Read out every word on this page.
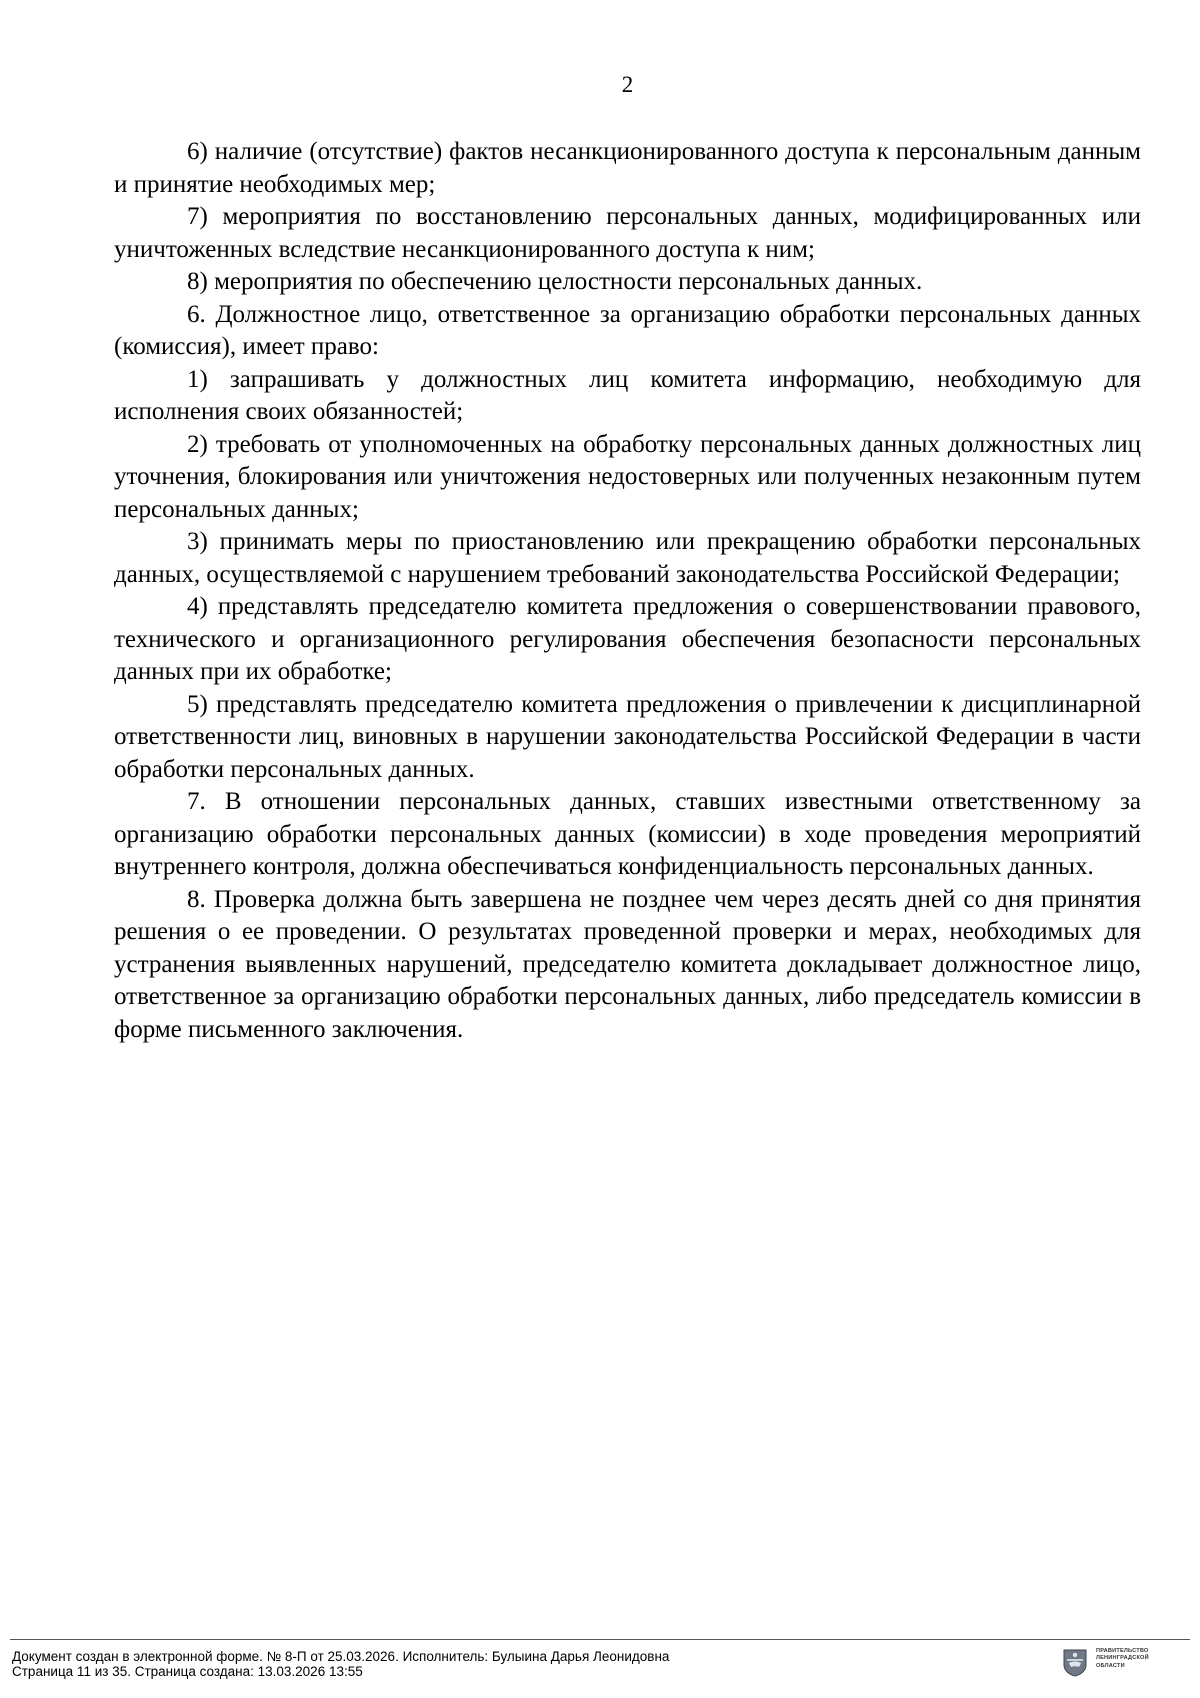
2

6) наличие (отсутствие) фактов несанкционированного доступа к персональным данным и принятие необходимых мер;

7) мероприятия по восстановлению персональных данных, модифицированных или уничтоженных вследствие несанкционированного доступа к ним;

8) мероприятия по обеспечению целостности персональных данных.

6. Должностное лицо, ответственное за организацию обработки персональных данных (комиссия), имеет право:

1) запрашивать у должностных лиц комитета информацию, необходимую для исполнения своих обязанностей;

2) требовать от уполномоченных на обработку персональных данных должностных лиц уточнения, блокирования или уничтожения недостоверных или полученных незаконным путем персональных данных;

3) принимать меры по приостановлению или прекращению обработки персональных данных, осуществляемой с нарушением требований законодательства Российской Федерации;

4) представлять председателю комитета предложения о совершенствовании правового, технического и организационного регулирования обеспечения безопасности персональных данных при их обработке;

5) представлять председателю комитета предложения о привлечении к дисциплинарной ответственности лиц, виновных в нарушении законодательства Российской Федерации в части обработки персональных данных.

7. В отношении персональных данных, ставших известными ответственному за организацию обработки персональных данных (комиссии) в ходе проведения мероприятий внутреннего контроля, должна обеспечиваться конфиденциальность персональных данных.

8. Проверка должна быть завершена не позднее чем через десять дней со дня принятия решения о ее проведении. О результатах проведенной проверки и мерах, необходимых для устранения выявленных нарушений, председателю комитета докладывает должностное лицо, ответственное за организацию обработки персональных данных, либо председатель комиссии в форме письменного заключения.

Документ создан в электронной форме. № 8-П от 25.03.2026. Исполнитель: Булыина Дарья Леонидовна
Страница 11 из 35. Страница создана: 13.03.2026 13:55
ПРАВИТЕЛЬСТВО
ЛЕНИНГРАДСКОЙ
ОБЛАСТИ
